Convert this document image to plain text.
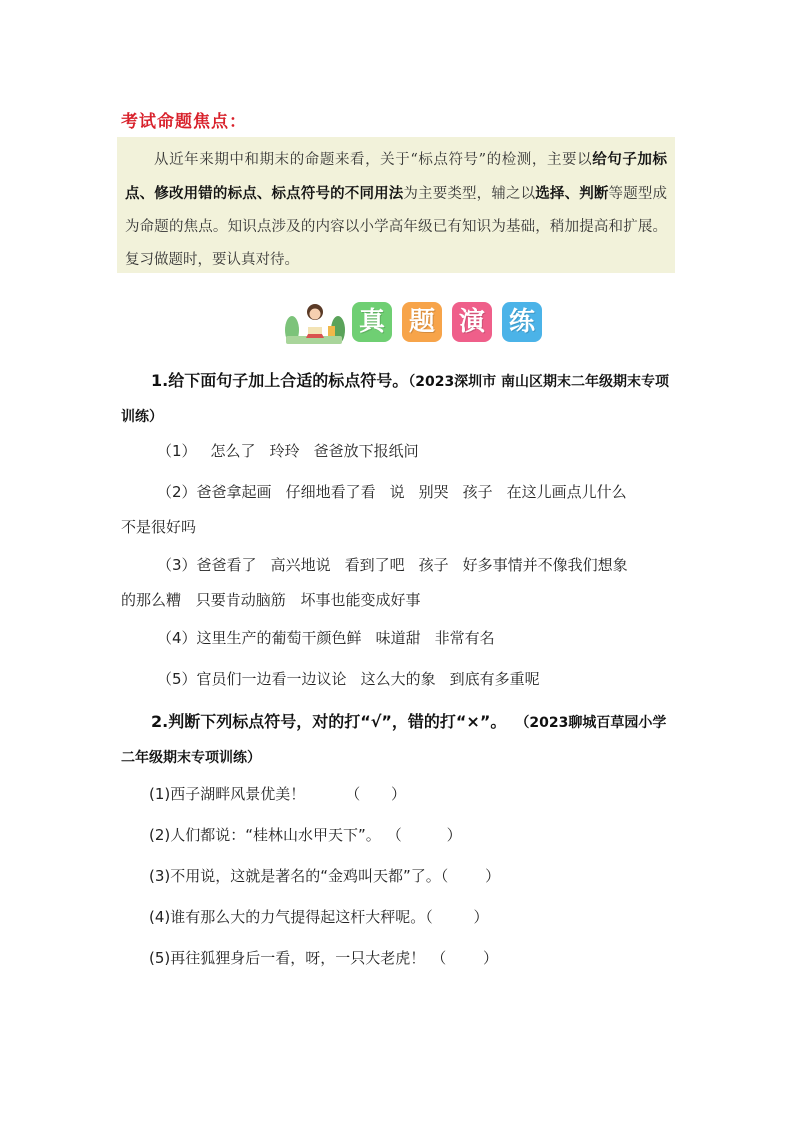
考试命题焦点：

从近年来期中和期末的命题来看，关于“标点符号”的检测，主要以给句子加标点、修改用错的标点、标点符号的不同用法为主要类型，辅之以选择、判断等题型成为命题的焦点。知识点涉及的内容以小学高年级已有知识为基础，稍加提高和扩展。复习做题时，要认真对待。

真 题 演 练
1.给下面句子加上合适的标点符号。（2023深圳市 南山区期末二年级期末专项训练）
（1） 怎么了 玲玲 爸爸放下报纸问
（2）爸爸拿起画 仔细地看了看 说 别哭 孩子 在这儿画点儿什么
不是很好吗
（3）爸爸看了 高兴地说 看到了吧 孩子 好多事情并不像我们想象
的那么糟 只要肯动脑筋 坏事也能变成好事
（4）这里生产的葡萄干颜色鲜 味道甜 非常有名
（5）官员们一边看一边议论 这么大的象 到底有多重呢
2.判断下列标点符号，对的打“√”，错的打“×”。 （2023聊城百草园小学 二年级期末专项训练）
(1)西子湖畔风景优美！	（ ）
(2)人们都说：“桂林山水甲天下”。 （ ）
(3)不用说，这就是著名的“金鸡叫天都”了。（ ）
(4)谁有那么大的力气提得起这杆大秤呢。（ ）
(5)再往狐狸身后一看，呀，一只大老虎！ （ ）
